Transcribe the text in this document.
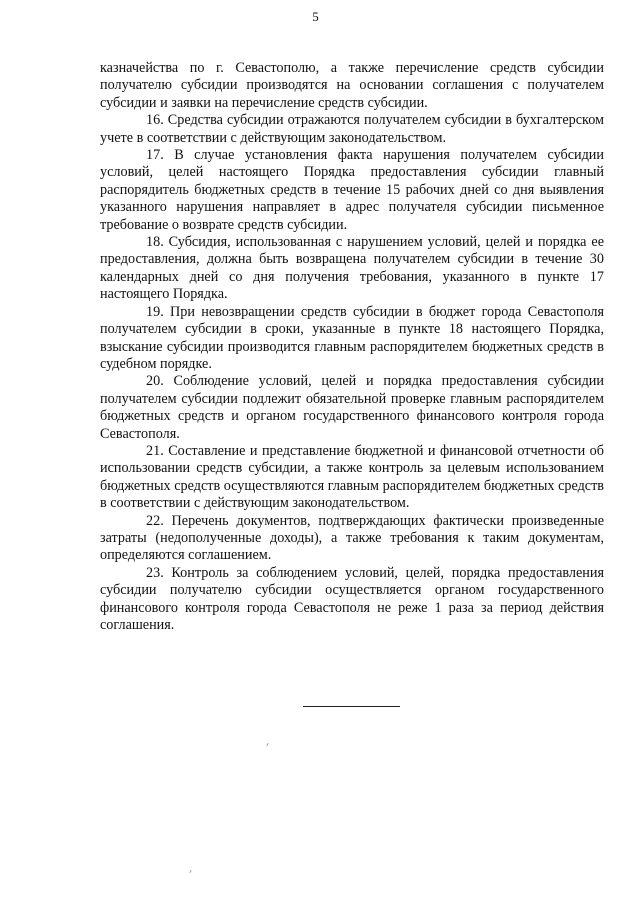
5

казначейства по г. Севастополю, а также перечисление средств субсидии получателю субсидии производятся на основании соглашения с получателем субсидии и заявки на перечисление средств субсидии.

16. Средства субсидии отражаются получателем субсидии в бухгалтерском учете в соответствии с действующим законодательством.

17. В случае установления факта нарушения получателем субсидии условий, целей настоящего Порядка предоставления субсидии главный распорядитель бюджетных средств в течение 15 рабочих дней со дня выявления указанного нарушения направляет в адрес получателя субсидии письменное требование о возврате средств субсидии.

18. Субсидия, использованная с нарушением условий, целей и порядка ее предоставления, должна быть возвращена получателем субсидии в течение 30 календарных дней со дня получения требования, указанного в пункте 17 настоящего Порядка.

19. При невозвращении средств субсидии в бюджет города Севастополя получателем субсидии в сроки, указанные в пункте 18 настоящего Порядка, взыскание субсидии производится главным распорядителем бюджетных средств в судебном порядке.

20. Соблюдение условий, целей и порядка предоставления субсидии получателем субсидии подлежит обязательной проверке главным распорядителем бюджетных средств и органом государственного финансового контроля города Севастополя.

21. Составление и представление бюджетной и финансовой отчетности об использовании средств субсидии, а также контроль за целевым использованием бюджетных средств осуществляются главным распорядителем бюджетных средств в соответствии с действующим законодательством.

22. Перечень документов, подтверждающих фактически произведенные затраты (недополученные доходы), а также требования к таким документам, определяются соглашением.

23. Контроль за соблюдением условий, целей, порядка предоставления субсидии получателю субсидии осуществляется органом государственного финансового контроля города Севастополя не реже 1 раза за период действия соглашения.
